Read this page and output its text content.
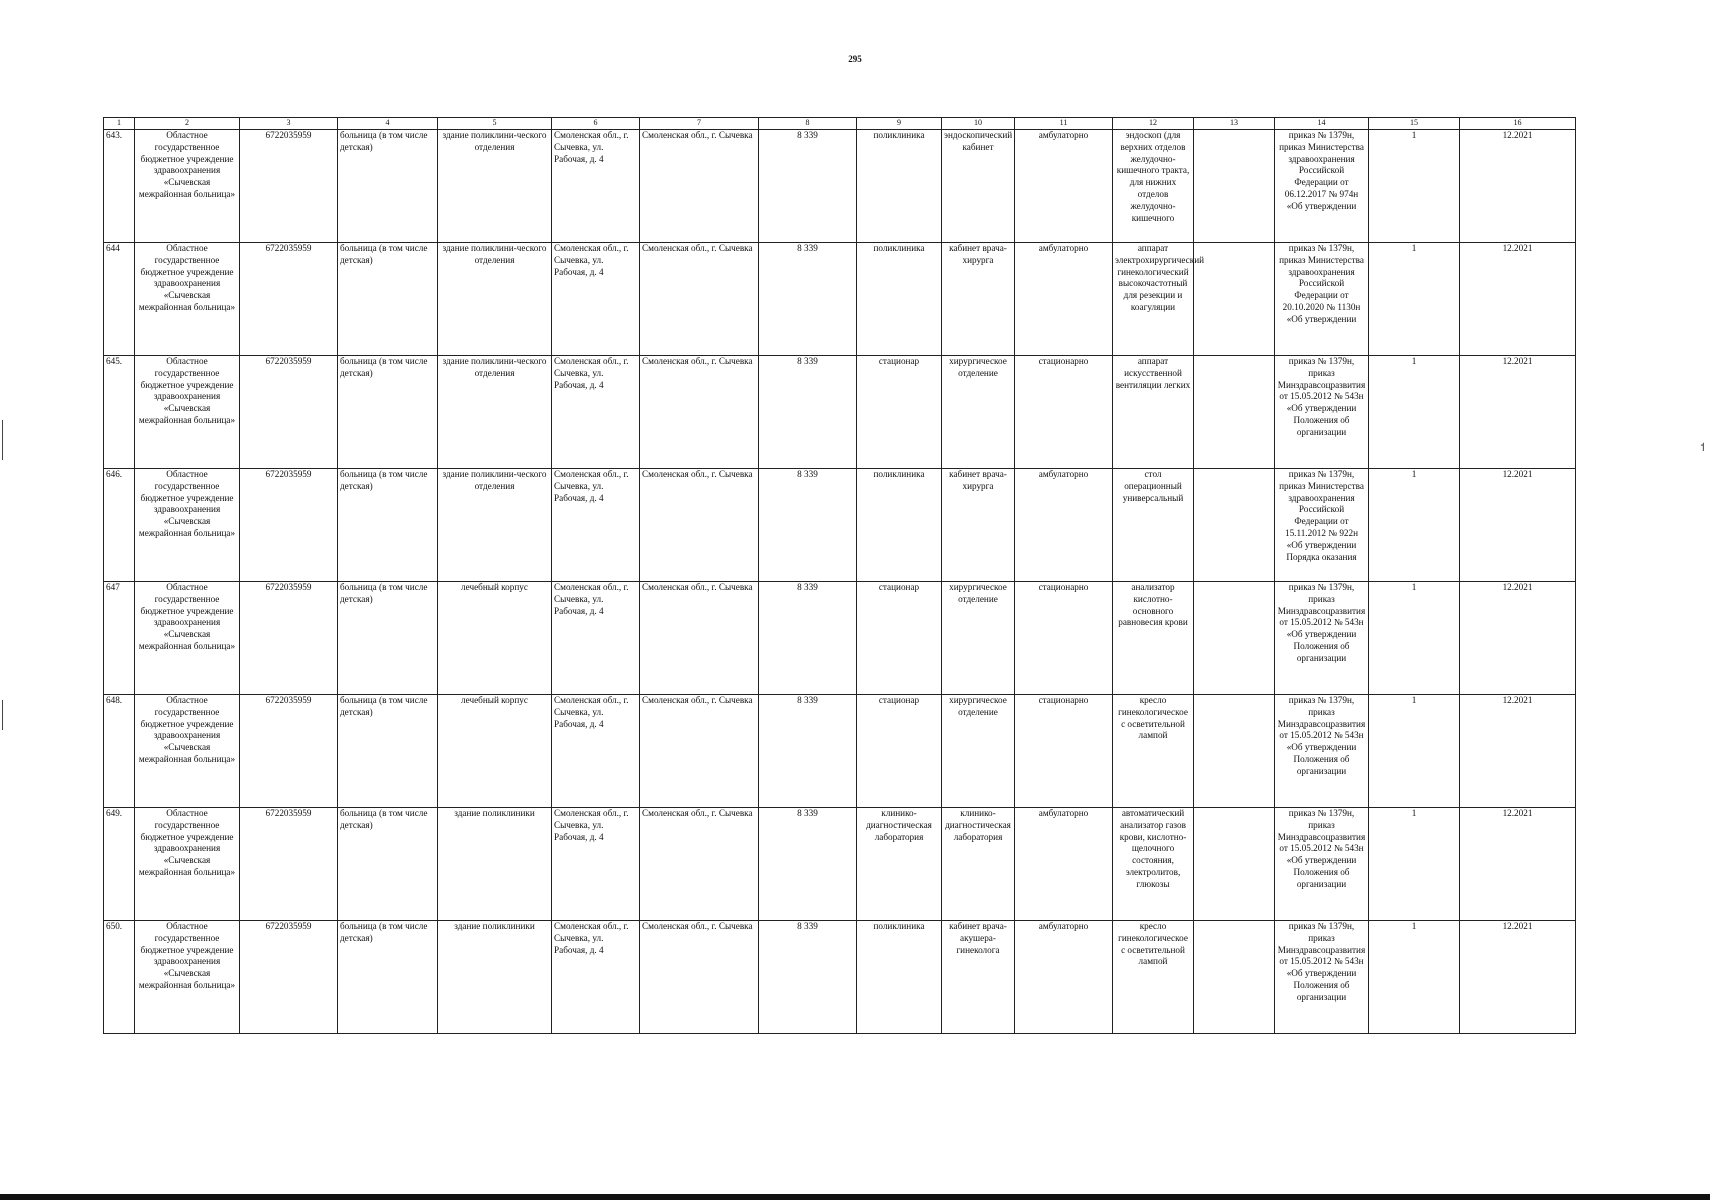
295
1	2	3	4	5	6	7	8	9	10	11	12	13	14	15	16
643.	Областное государственное бюджетное учреждение здравоохранения «Сычевская межрайонная больница»	6722035959	больница (в том числе детская)	здание поликлини-ческого отделения	Смоленская обл., г. Сычевка, ул. Рабочая, д. 4	Смоленская обл., г. Сычевка	8 339	поликлиника	эндоскопический кабинет	амбулаторно	эндоскоп (для верхних отделов желудочно-кишечного тракта, для нижних отделов желудочно-кишечного		приказ № 1379н, приказ Министерства здравоохранения Российской Федерации от 06.12.2017 № 974н «Об утверждении	1	12.2021
644	Областное государственное бюджетное учреждение здравоохранения «Сычевская межрайонная больница»	6722035959	больница (в том числе детская)	здание поликлини-ческого отделения	Смоленская обл., г. Сычевка, ул. Рабочая, д. 4	Смоленская обл., г. Сычевка	8 339	поликлиника	кабинет врача-хирурга	амбулаторно	аппарат электрохирургический гинекологический высокочастотный для резекции и коагуляции		приказ № 1379н, приказ Министерства здравоохранения Российской Федерации от 20.10.2020 № 1130н «Об утверждении	1	12.2021
645.	Областное государственное бюджетное учреждение здравоохранения «Сычевская межрайонная больница»	6722035959	больница (в том числе детская)	здание поликлини-ческого отделения	Смоленская обл., г. Сычевка, ул. Рабочая, д. 4	Смоленская обл., г. Сычевка	8 339	стационар	хирургическое отделение	стационарно	аппарат искусственной вентиляции легких		приказ № 1379н, приказ Минздравсоцразвития от 15.05.2012 № 543н «Об утверждении Положения об организации	1	12.2021
646.	Областное государственное бюджетное учреждение здравоохранения «Сычевская межрайонная больница»	6722035959	больница (в том числе детская)	здание поликлини-ческого отделения	Смоленская обл., г. Сычевка, ул. Рабочая, д. 4	Смоленская обл., г. Сычевка	8 339	поликлиника	кабинет врача-хирурга	амбулаторно	стол операционный универсальный		приказ № 1379н, приказ Министерства здравоохранения Российской Федерации от 15.11.2012 № 922н «Об утверждении Порядка оказания	1	12.2021
647	Областное государственное бюджетное учреждение здравоохранения «Сычевская межрайонная больница»	6722035959	больница (в том числе детская)	лечебный корпус	Смоленская обл., г. Сычевка, ул. Рабочая, д. 4	Смоленская обл., г. Сычевка	8 339	стационар	хирургическое отделение	стационарно	анализатор кислотно-основного равновесия крови		приказ № 1379н, приказ Минздравсоцразвития от 15.05.2012 № 543н «Об утверждении Положения об организации	1	12.2021
648.	Областное государственное бюджетное учреждение здравоохранения «Сычевская межрайонная больница»	6722035959	больница (в том числе детская)	лечебный корпус	Смоленская обл., г. Сычевка, ул. Рабочая, д. 4	Смоленская обл., г. Сычевка	8 339	стационар	хирургическое отделение	стационарно	кресло гинекологическое с осветительной лампой		приказ № 1379н, приказ Минздравсоцразвития от 15.05.2012 № 543н «Об утверждении Положения об организации	1	12.2021
649.	Областное государственное бюджетное учреждение здравоохранения «Сычевская межрайонная больница»	6722035959	больница (в том числе детская)	здание поликлиники	Смоленская обл., г. Сычевка, ул. Рабочая, д. 4	Смоленская обл., г. Сычевка	8 339	клинико-диагностическая лаборатория	клинико-диагностическая лаборатория	амбулаторно	автоматический анализатор газов крови, кислотно-щелочного состояния, электролитов, глюкозы		приказ № 1379н, приказ Минздравсоцразвития от 15.05.2012 № 543н «Об утверждении Положения об организации	1	12.2021
650.	Областное государственное бюджетное учреждение здравоохранения «Сычевская межрайонная больница»	6722035959	больница (в том числе детская)	здание поликлиники	Смоленская обл., г. Сычевка, ул. Рабочая, д. 4	Смоленская обл., г. Сычевка	8 339	поликлиника	кабинет врача-акушера-гинеколога	амбулаторно	кресло гинекологическое с осветительной лампой		приказ № 1379н, приказ Минздравсоцразвития от 15.05.2012 № 543н «Об утверждении Положения об организации	1	12.2021
˦
